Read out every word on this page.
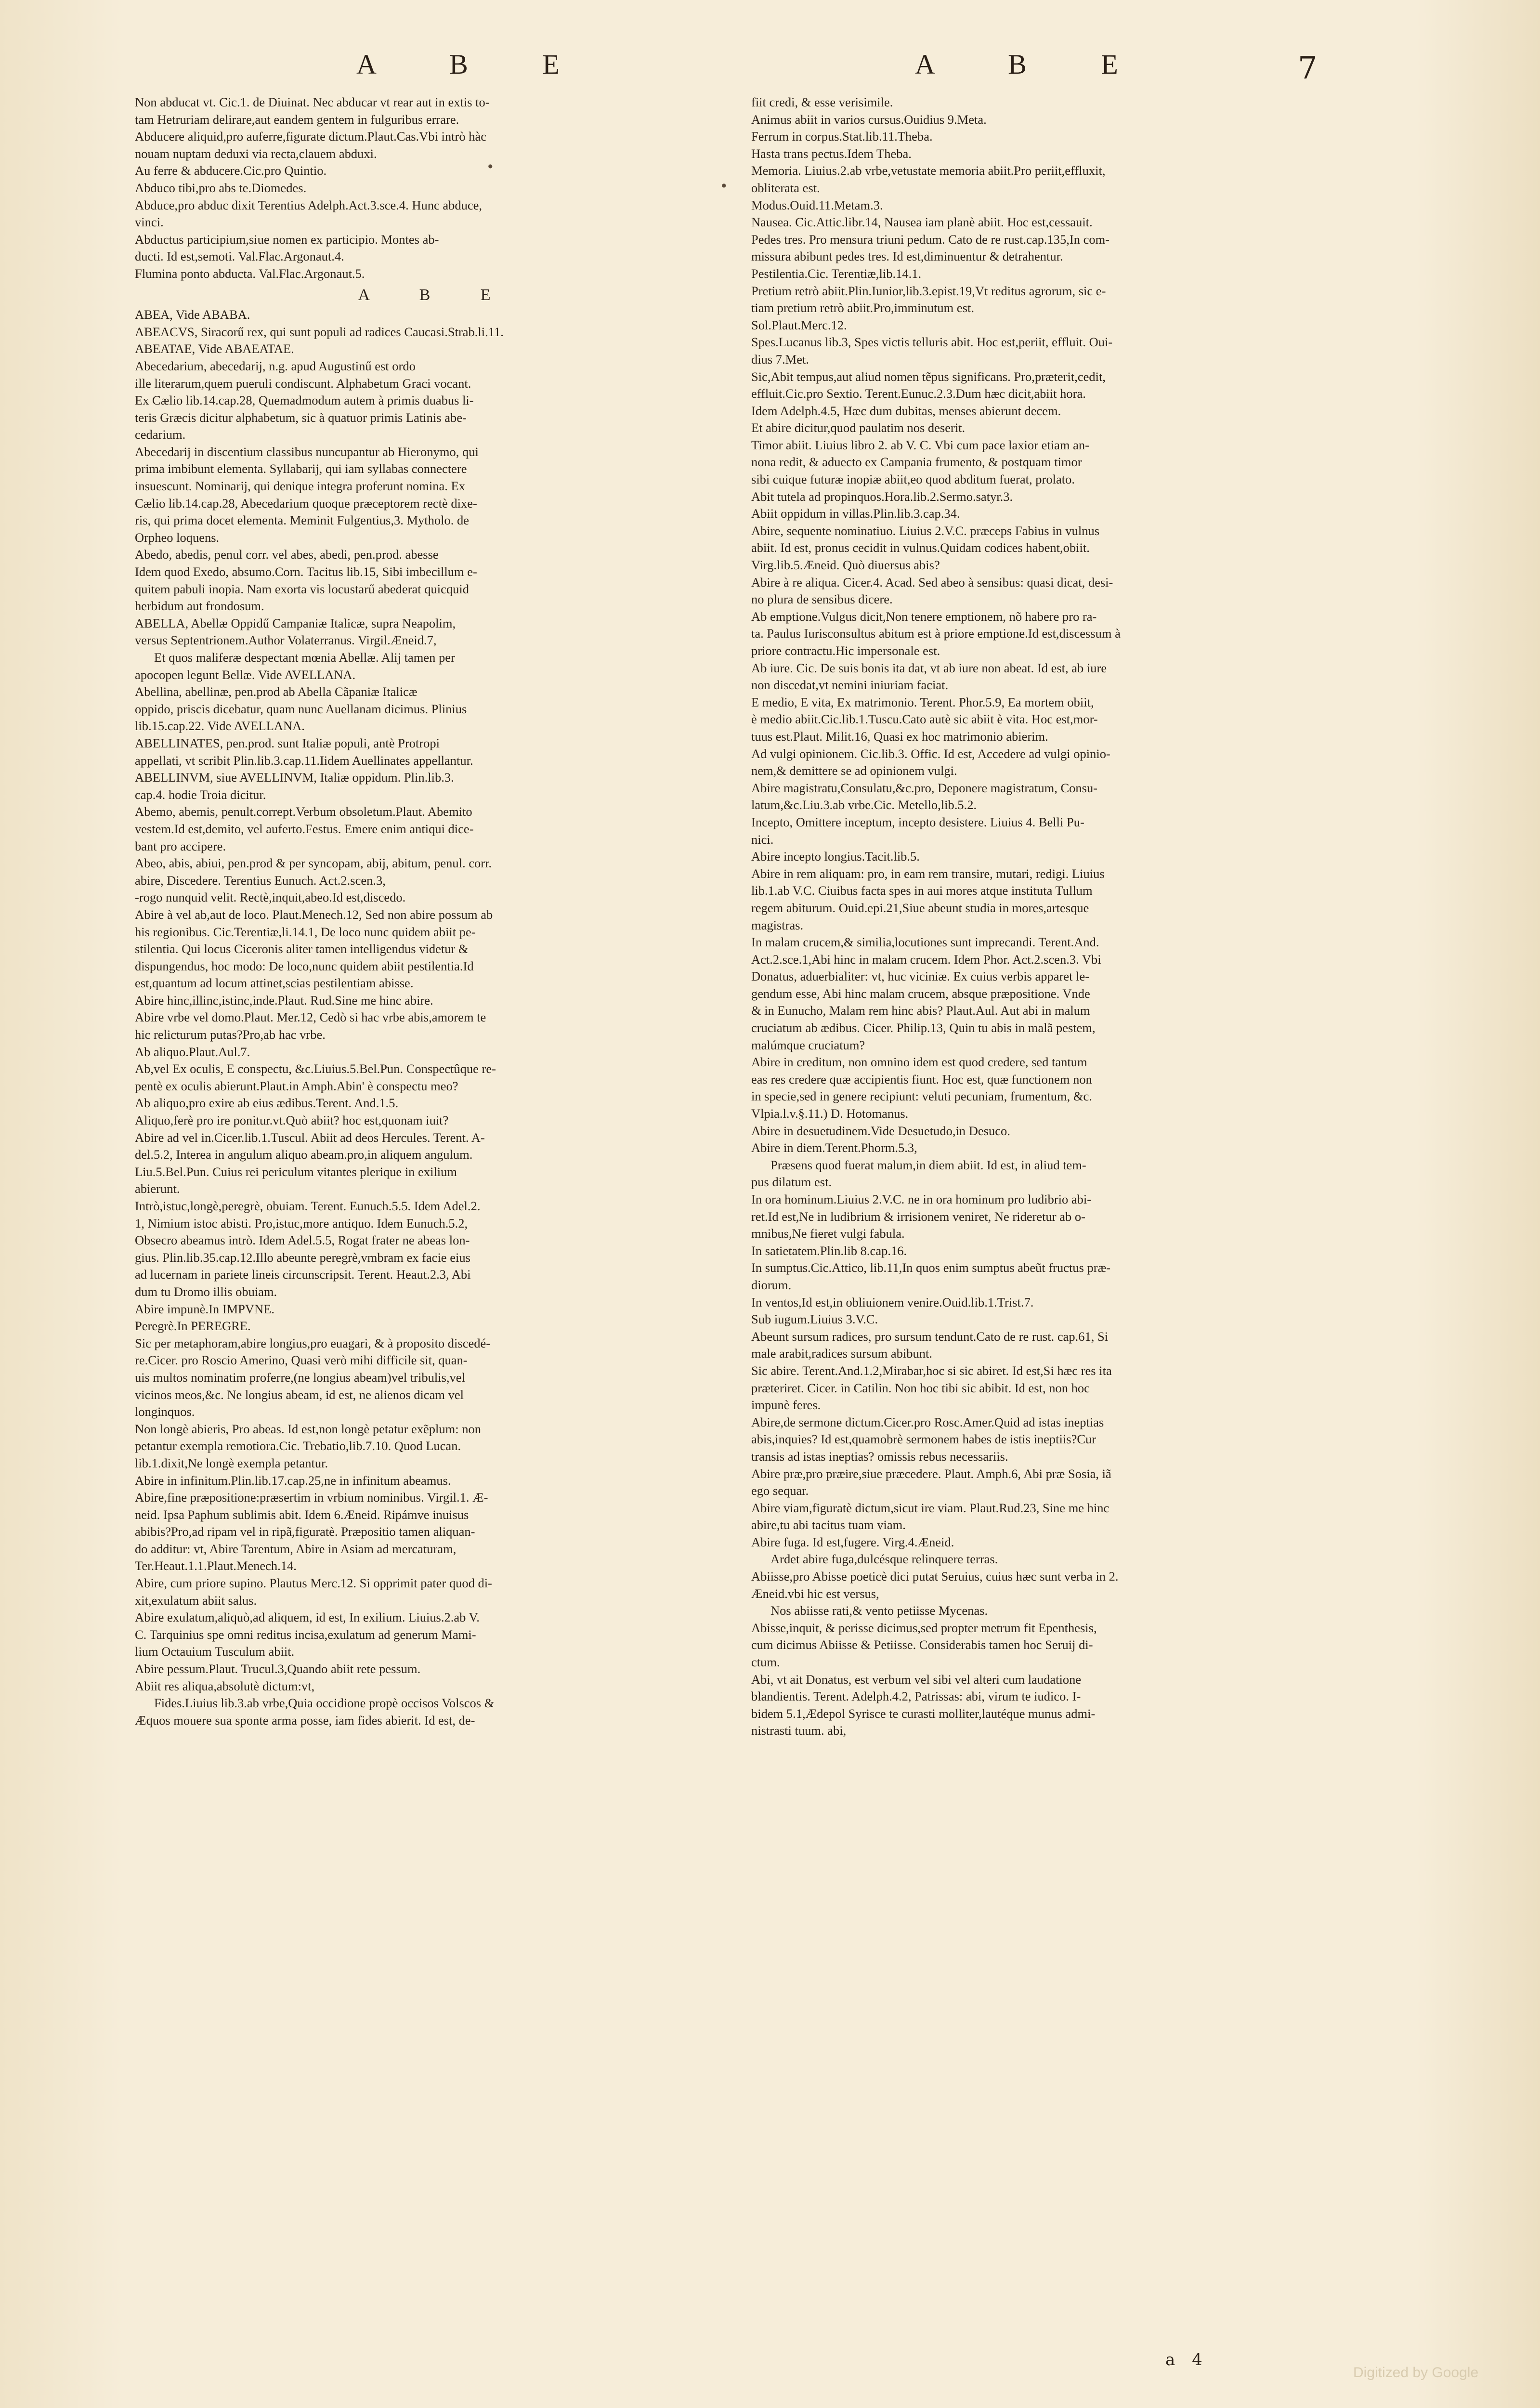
A B E	A B E	7
•
•
Non abducat vt. Cic.1. de Diuinat. Nec abducar vt rear aut in extis to-
tam Hetruriam delirare,aut eandem gentem in fulguribus errare.
Abducere aliquid,pro auferre,figurate dictum.Plaut.Cas.Vbi intrò hàc
nouam nuptam deduxi via recta,clauem abduxi.
Au ferre & abducere.Cic.pro Quintio.
Abduco tibi,pro abs te.Diomedes.
Abduce,pro abduc dixit Terentius Adelph.Act.3.sce.4. Hunc abduce,
vinci.
Abductus participium,siue nomen ex participio. Montes ab-
ducti. Id est,semoti. Val.Flac.Argonaut.4.
Flumina ponto abducta. Val.Flac.Argonaut.5.
A B E
ABEA, Vide ABABA.
ABEACVS, Siracorű rex, qui sunt populi ad radices Caucasi.Strab.li.11.
ABEATAE, Vide ABAEATAE.
Abecedarium, abecedarij, n.g. apud Augustinű est ordo
ille literarum,quem pueruli condiscunt. Alphabetum Graci vocant.
Ex Cælio lib.14.cap.28, Quemadmodum autem à primis duabus li-
teris Græcis dicitur alphabetum, sic à quatuor primis Latinis abe-
cedarium.
Abecedarij in discentium classibus nuncupantur ab Hieronymo, qui
prima imbibunt elementa. Syllabarij, qui iam syllabas connectere
insuescunt. Nominarij, qui denique integra proferunt nomina. Ex
Cælio lib.14.cap.28, Abecedarium quoque præceptorem rectè dixe-
ris, qui prima docet elementa. Meminit Fulgentius,3. Mytholo. de
Orpheo loquens.
Abedo, abedis, penul corr. vel abes, abedi, pen.prod. abesse
Idem quod Exedo, absumo.Corn. Tacitus lib.15, Sibi imbecillum e-
quitem pabuli inopia. Nam exorta vis locustarű abederat quicquid
herbidum aut frondosum.
ABELLA, Abellæ Oppidű Campaniæ Italicæ, supra Neapolim,
versus Septentrionem.Author Volaterranus. Virgil.Æneid.7,
Et quos maliferæ despectant mœnia Abellæ. Alij tamen per
apocopen legunt Bellæ. Vide AVELLANA.
Abellina, abellinæ, pen.prod ab Abella Cãpaniæ Italicæ
oppido, priscis dicebatur, quam nunc Auellanam dicimus. Plinius
lib.15.cap.22. Vide AVELLANA.
ABELLINATES, pen.prod. sunt Italiæ populi, antè Protropi
appellati, vt scribit Plin.lib.3.cap.11.Iidem Auellinates appellantur.
ABELLINVM, siue AVELLINVM, Italiæ oppidum. Plin.lib.3.
cap.4. hodie Troia dicitur.
Abemo, abemis, penult.corrept.Verbum obsoletum.Plaut. Abemito
vestem.Id est,demito, vel auferto.Festus. Emere enim antiqui dice-
bant pro accipere.
Abeo, abis, abiui, pen.prod & per syncopam, abij, abitum, penul. corr.
abire, Discedere. Terentius Eunuch. Act.2.scen.3,
-rogo nunquid velit. Rectè,inquit,abeo.Id est,discedo.
Abire à vel ab,aut de loco. Plaut.Menech.12, Sed non abire possum ab
his regionibus. Cic.Terentiæ,li.14.1, De loco nunc quidem abiit pe-
stilentia. Qui locus Ciceronis aliter tamen intelligendus videtur &
dispungendus, hoc modo: De loco,nunc quidem abiit pestilentia.Id
est,quantum ad locum attinet,scias pestilentiam abisse.
Abire hinc,illinc,istinc,inde.Plaut. Rud.Sine me hinc abire.
Abire vrbe vel domo.Plaut. Mer.12, Cedò si hac vrbe abis,amorem te
hic relicturum putas?Pro,ab hac vrbe.
Ab aliquo.Plaut.Aul.7.
Ab,vel Ex oculis, E conspectu, &c.Liuius.5.Bel.Pun. Conspectûque re-
pentè ex oculis abierunt.Plaut.in Amph.Abin' è conspectu meo?
Ab aliquo,pro exire ab eius ædibus.Terent. And.1.5.
Aliquo,ferè pro ire ponitur.vt.Quò abiit? hoc est,quonam iuit?
Abire ad vel in.Cicer.lib.1.Tuscul. Abiit ad deos Hercules. Terent. A-
del.5.2, Interea in angulum aliquo abeam.pro,in aliquem angulum.
Liu.5.Bel.Pun. Cuius rei periculum vitantes plerique in exilium
abierunt.
Intrò,istuc,longè,peregrè, obuiam. Terent. Eunuch.5.5. Idem Adel.2.
1, Nimium istoc abisti. Pro,istuc,more antiquo. Idem Eunuch.5.2,
Obsecro abeamus intrò. Idem Adel.5.5, Rogat frater ne abeas lon-
gius. Plin.lib.35.cap.12.Illo abeunte peregrè,vmbram ex facie eius
ad lucernam in pariete lineis circunscripsit. Terent. Heaut.2.3, Abi
dum tu Dromo illis obuiam.
Abire impunè.In IMPVNE.
Peregrè.In PEREGRE.
Sic per metaphoram,abire longius,pro euagari, & à proposito discedé-
re.Cicer. pro Roscio Amerino, Quasi verò mihi difficile sit, quan-
uis multos nominatim proferre,(ne longius abeam)vel tribulis,vel
vicinos meos,&c. Ne longius abeam, id est, ne alienos dicam vel
longinquos.
Non longè abieris, Pro abeas. Id est,non longè petatur exẽplum: non
petantur exempla remotiora.Cic. Trebatio,lib.7.10. Quod Lucan.
lib.1.dixit,Ne longè exempla petantur.
Abire in infinitum.Plin.lib.17.cap.25,ne in infinitum abeamus.
Abire,fine præpositione:præsertim in vrbium nominibus. Virgil.1. Æ-
neid. Ipsa Paphum sublimis abit. Idem 6.Æneid. Ripámve inuisus
abibis?Pro,ad ripam vel in ripã,figuratè. Præpositio tamen aliquan-
do additur: vt, Abire Tarentum, Abire in Asiam ad mercaturam,
Ter.Heaut.1.1.Plaut.Menech.14.
Abire, cum priore supino. Plautus Merc.12. Si opprimit pater quod di-
xit,exulatum abiit salus.
Abire exulatum,aliquò,ad aliquem, id est, In exilium. Liuius.2.ab V.
C. Tarquinius spe omni reditus incisa,exulatum ad generum Mami-
lium Octauium Tusculum abiit.
Abire pessum.Plaut. Trucul.3,Quando abiit rete pessum.
Abiit res aliqua,absolutè dictum:vt,
Fides.Liuius lib.3.ab vrbe,Quia occidione propè occisos Volscos &
Æquos mouere sua sponte arma posse, iam fides abierit. Id est, de-
fiit credi, & esse verisimile.
Animus abiit in varios cursus.Ouidius 9.Meta.
Ferrum in corpus.Stat.lib.11.Theba.
Hasta trans pectus.Idem Theba.
Memoria. Liuius.2.ab vrbe,vetustate memoria abiit.Pro periit,effluxit,
obliterata est.
Modus.Ouid.11.Metam.3.
Nausea. Cic.Attic.libr.14, Nausea iam planè abiit. Hoc est,cessauit.
Pedes tres. Pro mensura triuni pedum. Cato de re rust.cap.135,In com-
missura abibunt pedes tres. Id est,diminuentur & detrahentur.
Pestilentia.Cic. Terentiæ,lib.14.1.
Pretium retrò abiit.Plin.Iunior,lib.3.epist.19,Vt reditus agrorum, sic e-
tiam pretium retrò abiit.Pro,imminutum est.
Sol.Plaut.Merc.12.
Spes.Lucanus lib.3, Spes victis telluris abit. Hoc est,periit, effluit. Oui-
dius 7.Met.
Sic,Abit tempus,aut aliud nomen tẽpus significans. Pro,præterit,cedit,
effluit.Cic.pro Sextio. Terent.Eunuc.2.3.Dum hæc dicit,abiit hora.
Idem Adelph.4.5, Hæc dum dubitas, menses abierunt decem.
Et abire dicitur,quod paulatim nos deserit.
Timor abiit. Liuius libro 2. ab V. C. Vbi cum pace laxior etiam an-
nona redit, & aduecto ex Campania frumento, & postquam timor
sibi cuique futuræ inopiæ abiit,eo quod abditum fuerat, prolato.
Abit tutela ad propinquos.Hora.lib.2.Sermo.satyr.3.
Abiit oppidum in villas.Plin.lib.3.cap.34.
Abire, sequente nominatiuo. Liuius 2.V.C. præceps Fabius in vulnus
abiit. Id est, pronus cecidit in vulnus.Quidam codices habent,obiit.
Virg.lib.5.Æneid. Quò diuersus abis?
Abire à re aliqua. Cicer.4. Acad. Sed abeo à sensibus: quasi dicat, desi-
no plura de sensibus dicere.
Ab emptione.Vulgus dicit,Non tenere emptionem, nõ habere pro ra-
ta. Paulus Iurisconsultus abitum est à priore emptione.Id est,discessum à
priore contractu.Hic impersonale est.
Ab iure. Cic. De suis bonis ita dat, vt ab iure non abeat. Id est, ab iure
non discedat,vt nemini iniuriam faciat.
E medio, E vita, Ex matrimonio. Terent. Phor.5.9, Ea mortem obiit,
è medio abiit.Cic.lib.1.Tuscu.Cato autè sic abiit è vita. Hoc est,mor-
tuus est.Plaut. Milit.16, Quasi ex hoc matrimonio abierim.
Ad vulgi opinionem. Cic.lib.3. Offic. Id est, Accedere ad vulgi opinio-
nem,& demittere se ad opinionem vulgi.
Abire magistratu,Consulatu,&c.pro, Deponere magistratum, Consu-
latum,&c.Liu.3.ab vrbe.Cic. Metello,lib.5.2.
Incepto, Omittere inceptum, incepto desistere. Liuius 4. Belli Pu-
nici.
Abire incepto longius.Tacit.lib.5.
Abire in rem aliquam: pro, in eam rem transire, mutari, redigi. Liuius
lib.1.ab V.C. Ciuibus facta spes in aui mores atque instituta Tullum
regem abiturum. Ouid.epi.21,Siue abeunt studia in mores,artesque
magistras.
In malam crucem,& similia,locutiones sunt imprecandi. Terent.And.
Act.2.sce.1,Abi hinc in malam crucem. Idem Phor. Act.2.scen.3. Vbi
Donatus, aduerbialiter: vt, huc viciniæ. Ex cuius verbis apparet le-
gendum esse, Abi hinc malam crucem, absque præpositione. Vnde
& in Eunucho, Malam rem hinc abis? Plaut.Aul. Aut abi in malum
cruciatum ab ædibus. Cicer. Philip.13, Quin tu abis in malã pestem,
malúmque cruciatum?
Abire in creditum, non omnino idem est quod credere, sed tantum
eas res credere quæ accipientis fiunt. Hoc est, quæ functionem non
in specie,sed in genere recipiunt: veluti pecuniam, frumentum, &c.
Vlpia.l.v.§.11.) D. Hotomanus.
Abire in desuetudinem.Vide Desuetudo,in Desuco.
Abire in diem.Terent.Phorm.5.3,
Præsens quod fuerat malum,in diem abiit. Id est, in aliud tem-
pus dilatum est.
In ora hominum.Liuius 2.V.C. ne in ora hominum pro ludibrio abi-
ret.Id est,Ne in ludibrium & irrisionem veniret, Ne rideretur ab o-
mnibus,Ne fieret vulgi fabula.
In satietatem.Plin.lib 8.cap.16.
In sumptus.Cic.Attico, lib.11,In quos enim sumptus abeũt fructus præ-
diorum.
In ventos,Id est,in obliuionem venire.Ouid.lib.1.Trist.7.
Sub iugum.Liuius 3.V.C.
Abeunt sursum radices, pro sursum tendunt.Cato de re rust. cap.61, Si
male arabit,radices sursum abibunt.
Sic abire. Terent.And.1.2,Mirabar,hoc si sic abiret. Id est,Si hæc res ita
præteriret. Cicer. in Catilin. Non hoc tibi sic abibit. Id est, non hoc
impunè feres.
Abire,de sermone dictum.Cicer.pro Rosc.Amer.Quid ad istas ineptias
abis,inquies? Id est,quamobrè sermonem habes de istis ineptiis?Cur
transis ad istas ineptias? omissis rebus necessariis.
Abire præ,pro præire,siue præcedere. Plaut. Amph.6, Abi præ Sosia, iã
ego sequar.
Abire viam,figuratè dictum,sicut ire viam. Plaut.Rud.23, Sine me hinc
abire,tu abi tacitus tuam viam.
Abire fuga. Id est,fugere. Virg.4.Æneid.
Ardet abire fuga,dulcésque relinquere terras.
Abiisse,pro Abisse poeticè dici putat Seruius, cuius hæc sunt verba in 2.
Æneid.vbi hic est versus,
Nos abiisse rati,& vento petiisse Mycenas.
Abisse,inquit, & perisse dicimus,sed propter metrum fit Epenthesis,
cum dicimus Abiisse & Petiisse. Considerabis tamen hoc Seruij di-
ctum.
Abi, vt ait Donatus, est verbum vel sibi vel alteri cum laudatione
blandientis. Terent. Adelph.4.2, Patrissas: abi, virum te iudico. I-
bidem 5.1,Ædepol Syrisce te curasti molliter,lautéque munus admi-
nistrasti tuum. abi,
a 4
Digitized by Google
